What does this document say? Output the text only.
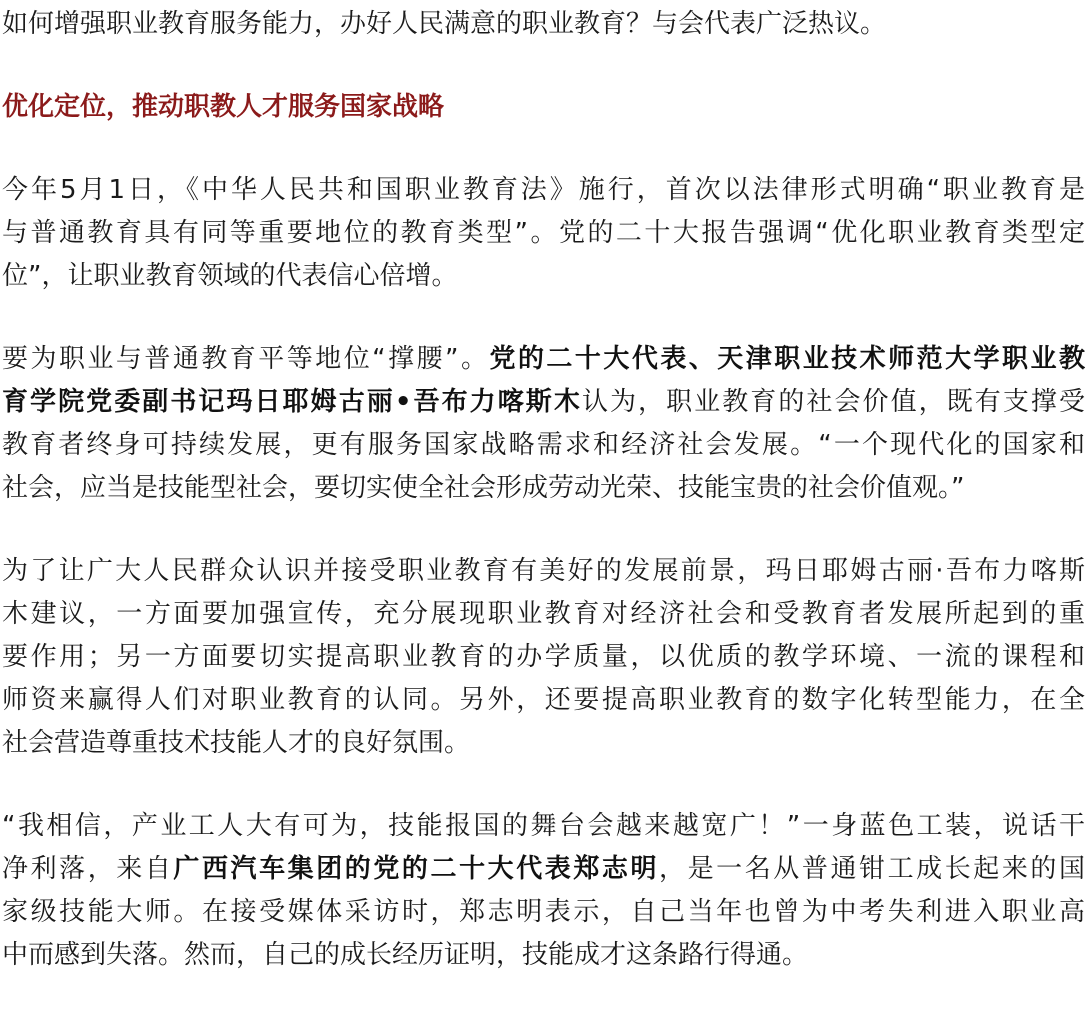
如何增强职业教育服务能力，办好人民满意的职业教育？与会代表广泛热议。
优化定位，推动职教人才服务国家战略
今年5月1日，《中华人民共和国职业教育法》施行，首次以法律形式明确“职业教育是
与普通教育具有同等重要地位的教育类型”。党的二十大报告强调“优化职业教育类型定
位”，让职业教育领域的代表信心倍增。
要为职业与普通教育平等地位“撑腰”。党的二十大代表、天津职业技术师范大学职业教
育学院党委副书记玛日耶姆古丽•吾布力喀斯木认为，职业教育的社会价值，既有支撑受
教育者终身可持续发展，更有服务国家战略需求和经济社会发展。“一个现代化的国家和
社会，应当是技能型社会，要切实使全社会形成劳动光荣、技能宝贵的社会价值观。”
为了让广大人民群众认识并接受职业教育有美好的发展前景，玛日耶姆古丽·吾布力喀斯
木建议，一方面要加强宣传，充分展现职业教育对经济社会和受教育者发展所起到的重
要作用；另一方面要切实提高职业教育的办学质量，以优质的教学环境、一流的课程和
师资来赢得人们对职业教育的认同。另外，还要提高职业教育的数字化转型能力，在全
社会营造尊重技术技能人才的良好氛围。
“我相信，产业工人大有可为，技能报国的舞台会越来越宽广！”一身蓝色工装，说话干
净利落，来自广西汽车集团的党的二十大代表郑志明，是一名从普通钳工成长起来的国
家级技能大师。在接受媒体采访时，郑志明表示，自己当年也曾为中考失利进入职业高
中而感到失落。然而，自己的成长经历证明，技能成才这条路行得通。
